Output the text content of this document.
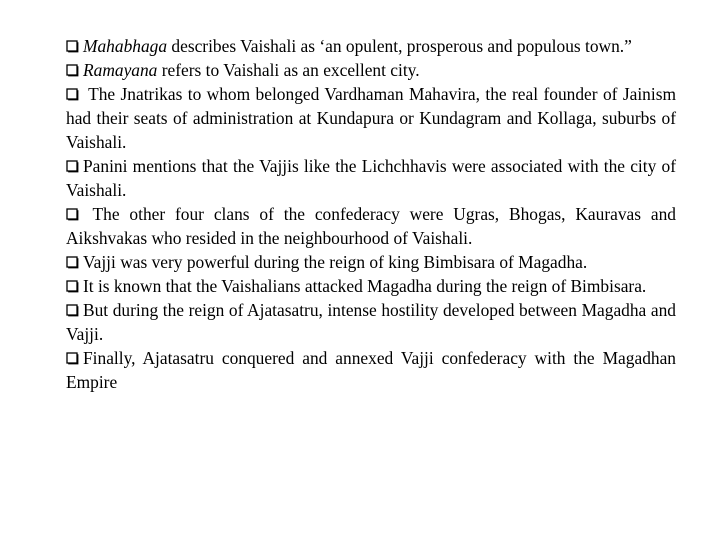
Mahabhaga describes Vaishali as ‘an opulent, prosperous and populous town.”

Ramayana refers to Vaishali as an excellent city.

The Jnatrikas to whom belonged Vardhaman Mahavira, the real founder of Jainism had their seats of administration at Kundapura or Kundagram and Kollaga, suburbs of Vaishali.

Panini mentions that the Vajjis like the Lichchhavis were associated with the city of Vaishali.

The other four clans of the confederacy were Ugras, Bhogas, Kauravas and Aikshvakas who resided in the neighbourhood of Vaishali.

Vajji was very powerful during the reign of king Bimbisara of Magadha.

It is known that the Vaishalians attacked Magadha during the reign of Bimbisara.

But during the reign of Ajatasatru, intense hostility developed between Magadha and Vajji.

Finally, Ajatasatru conquered and annexed Vajji confederacy with the Magadhan Empire
